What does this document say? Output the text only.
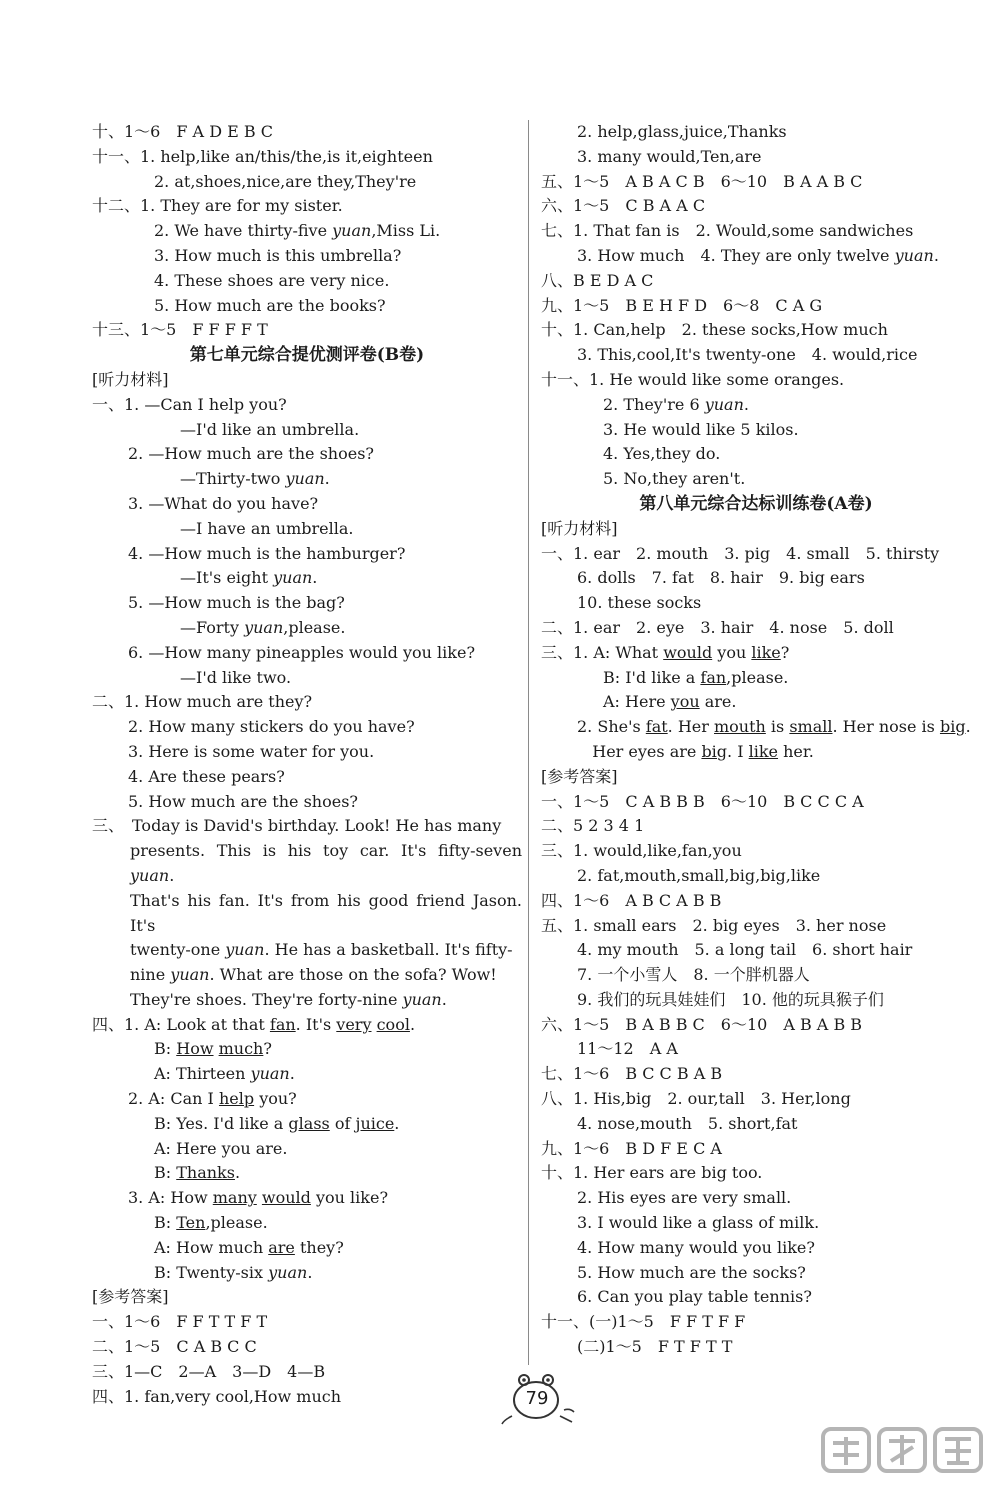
十、1～6　F A D E B C
十一、1. help,like an/this/the,is it,eighteen
2. at,shoes,nice,are they,They're
十二、1. They are for my sister.
2. We have thirty-five yuan,Miss Li.
3. How much is this umbrella?
4. These shoes are very nice.
5. How much are the books?
十三、1～5　F F F F T
第七单元综合提优测评卷(B卷)
[听力材料]
一、1. —Can I help you?
—I'd like an umbrella.
2. —How much are the shoes?
—Thirty-two yuan.
3. —What do you have?
—I have an umbrella.
4. —How much is the hamburger?
—It's eight yuan.
5. —How much is the bag?
—Forty yuan,please.
6. —How many pineapples would you like?
—I'd like two.
二、1. How much are they?
2. How many stickers do you have?
3. Here is some water for you.
4. Are these pears?
5. How much are the shoes?
三、　Today is David's birthday. Look! He has many
presents. This is his toy car. It's fifty-seven yuan.
That's his fan. It's from his good friend Jason. It's
twenty-one yuan. He has a basketball. It's fifty-
nine yuan. What are those on the sofa? Wow!
They're shoes. They're forty-nine yuan.
四、1. A: Look at that fan. It's very cool.
B: How much?
A: Thirteen yuan.
2. A: Can I help you?
B: Yes. I'd like a glass of juice.
A: Here you are.
B: Thanks.
3. A: How many would you like?
B: Ten,please.
A: How much are they?
B: Twenty-six yuan.
[参考答案]
一、1～6　F F T T F T
二、1～5　C A B C C
三、1—C　2—A　3—D　4—B
四、1. fan,very cool,How much
2. help,glass,juice,Thanks
3. many would,Ten,are
五、1～5　A B A C B　6～10　B A A B C
六、1～5　C B A A C
七、1. That fan is　2. Would,some sandwiches
3. How much　4. They are only twelve yuan.
八、B E D A C
九、1～5　B E H F D　6～8　C A G
十、1. Can,help　2. these socks,How much
3. This,cool,It's twenty-one　4. would,rice
十一、1. He would like some oranges.
2. They're 6 yuan.
3. He would like 5 kilos.
4. Yes,they do.
5. No,they aren't.
第八单元综合达标训练卷(A卷)
[听力材料]
一、1. ear　2. mouth　3. pig　4. small　5. thirsty
6. dolls　7. fat　8. hair　9. big ears
10. these socks
二、1. ear　2. eye　3. hair　4. nose　5. doll
三、1. A: What would you like?
B: I'd like a fan,please.
A: Here you are.
2. She's fat. Her mouth is small. Her nose is big.
Her eyes are big. I like her.
[参考答案]
一、1～5　C A B B B　6～10　B C C C A
二、5 2 3 4 1
三、1. would,like,fan,you
2. fat,mouth,small,big,big,like
四、1～6　A B C A B B
五、1. small ears　2. big eyes　3. her nose
4. my mouth　5. a long tail　6. short hair
7. 一个小雪人　8. 一个胖机器人
9. 我们的玩具娃娃们　10. 他的玩具猴子们
六、1～5　B A B B C　6～10　A B A B B
11～12　A A
七、1～6　B C C B A B
八、1. His,big　2. our,tall　3. Her,long
4. nose,mouth　5. short,fat
九、1～6　B D F E C A
十、1. Her ears are big too.
2. His eyes are very small.
3. I would like a glass of milk.
4. How many would you like?
5. How much are the socks?
6. Can you play table tennis?
十一、(一)1～5　F F T F F
(二)1～5　F T F T T
79
